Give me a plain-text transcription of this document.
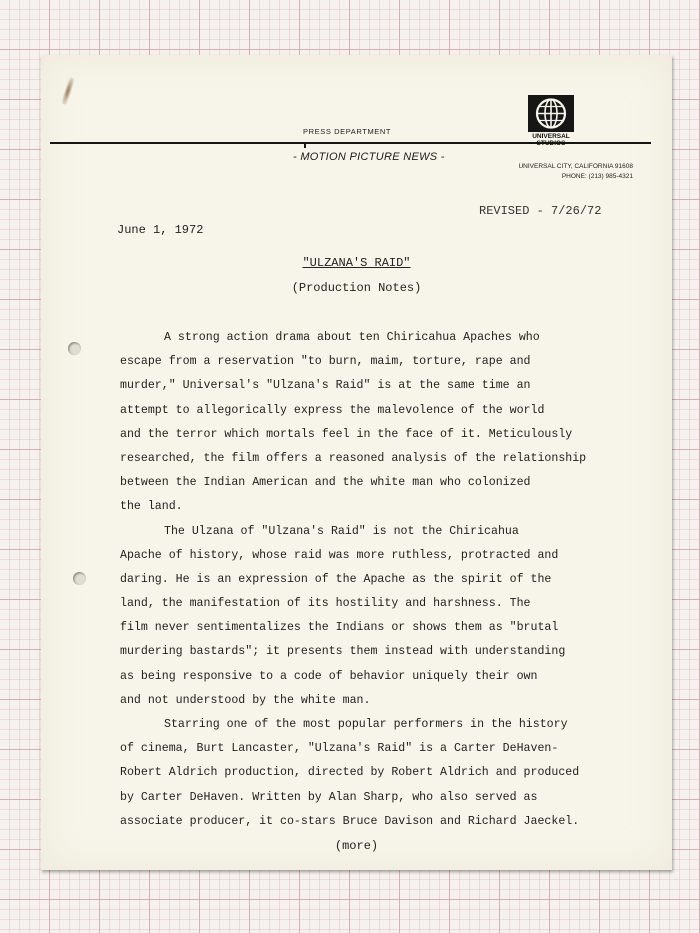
PRESS DEPARTMENT
- MOTION PICTURE NEWS -
UNIVERSAL
STUDIOS
UNIVERSAL CITY, CALIFORNIA 91608
PHONE: (213) 985-4321
REVISED - 7/26/72
June 1, 1972
"ULZANA'S RAID"
(Production Notes)
A strong action drama about ten Chiricahua Apaches who
escape from a reservation "to burn, maim, torture, rape and
murder," Universal's "Ulzana's Raid" is at the same time an
attempt to allegorically express the malevolence of the world
and the terror which mortals feel in the face of it. Meticulously
researched, the film offers a reasoned analysis of the relationship
between the Indian American and the white man who colonized
the land.
The Ulzana of "Ulzana's Raid" is not the Chiricahua
Apache of history, whose raid was more ruthless, protracted and
daring. He is an expression of the Apache as the spirit of the
land, the manifestation of its hostility and harshness. The
film never sentimentalizes the Indians or shows them as "brutal
murdering bastards"; it presents them instead with understanding
as being responsive to a code of behavior uniquely their own
and not understood by the white man.
Starring one of the most popular performers in the history
of cinema, Burt Lancaster, "Ulzana's Raid" is a Carter DeHaven-
Robert Aldrich production, directed by Robert Aldrich and produced
by Carter DeHaven. Written by Alan Sharp, who also served as
associate producer, it co-stars Bruce Davison and Richard Jaeckel.
(more)
